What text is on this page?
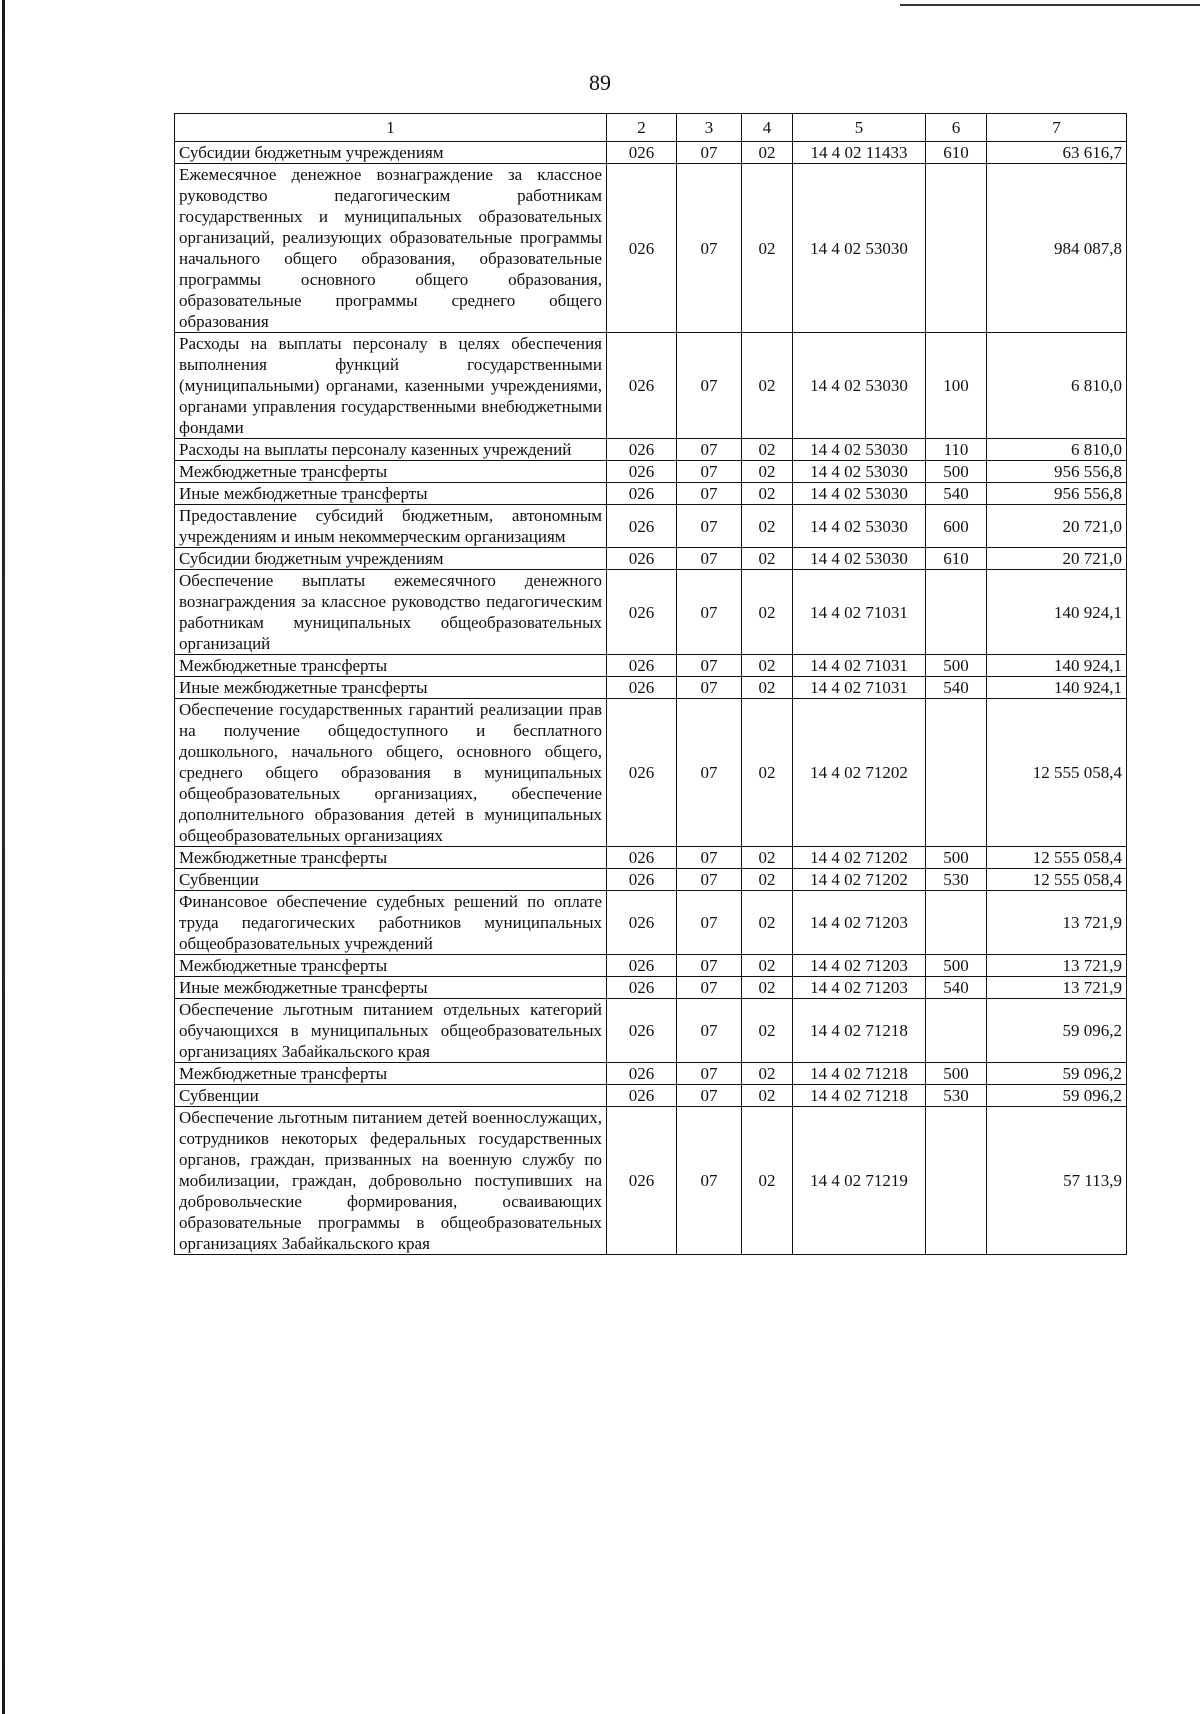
89
1	2	3	4	5	6	7
Субсидии бюджетным учреждениям	026	07	02	14 4 02 11433	610	63 616,7
Ежемесячное денежное вознаграждение за классное руководство педагогическим работникам государственных и муниципальных образовательных организаций, реализующих образовательные программы начального общего образования, образовательные программы основного общего образования, образовательные программы среднего общего образования	026	07	02	14 4 02 53030		984 087,8
Расходы на выплаты персоналу в целях обеспечения выполнения функций государственными (муниципальными) органами, казенными учреждениями, органами управления государственными внебюджетными фондами	026	07	02	14 4 02 53030	100	6 810,0
Расходы на выплаты персоналу казенных учреждений	026	07	02	14 4 02 53030	110	6 810,0
Межбюджетные трансферты	026	07	02	14 4 02 53030	500	956 556,8
Иные межбюджетные трансферты	026	07	02	14 4 02 53030	540	956 556,8
Предоставление субсидий бюджетным, автономным учреждениям и иным некоммерческим организациям	026	07	02	14 4 02 53030	600	20 721,0
Субсидии бюджетным учреждениям	026	07	02	14 4 02 53030	610	20 721,0
Обеспечение выплаты ежемесячного денежного вознаграждения за классное руководство педагогическим работникам муниципальных общеобразовательных организаций	026	07	02	14 4 02 71031		140 924,1
Межбюджетные трансферты	026	07	02	14 4 02 71031	500	140 924,1
Иные межбюджетные трансферты	026	07	02	14 4 02 71031	540	140 924,1
Обеспечение государственных гарантий реализации прав на получение общедоступного и бесплатного дошкольного, начального общего, основного общего, среднего общего образования в муниципальных общеобразовательных организациях, обеспечение дополнительного образования детей в муниципальных общеобразовательных организациях	026	07	02	14 4 02 71202		12 555 058,4
Межбюджетные трансферты	026	07	02	14 4 02 71202	500	12 555 058,4
Субвенции	026	07	02	14 4 02 71202	530	12 555 058,4
Финансовое обеспечение судебных решений по оплате труда педагогических работников муниципальных общеобразовательных учреждений	026	07	02	14 4 02 71203		13 721,9
Межбюджетные трансферты	026	07	02	14 4 02 71203	500	13 721,9
Иные межбюджетные трансферты	026	07	02	14 4 02 71203	540	13 721,9
Обеспечение льготным питанием отдельных категорий обучающихся в муниципальных общеобразовательных организациях Забайкальского края	026	07	02	14 4 02 71218		59 096,2
Межбюджетные трансферты	026	07	02	14 4 02 71218	500	59 096,2
Субвенции	026	07	02	14 4 02 71218	530	59 096,2
Обеспечение льготным питанием детей военнослужащих, сотрудников некоторых федеральных государственных органов, граждан, призванных на военную службу по мобилизации, граждан, добровольно поступивших на добровольческие формирования, осваивающих образовательные программы в общеобразовательных организациях Забайкальского края	026	07	02	14 4 02 71219		57 113,9
